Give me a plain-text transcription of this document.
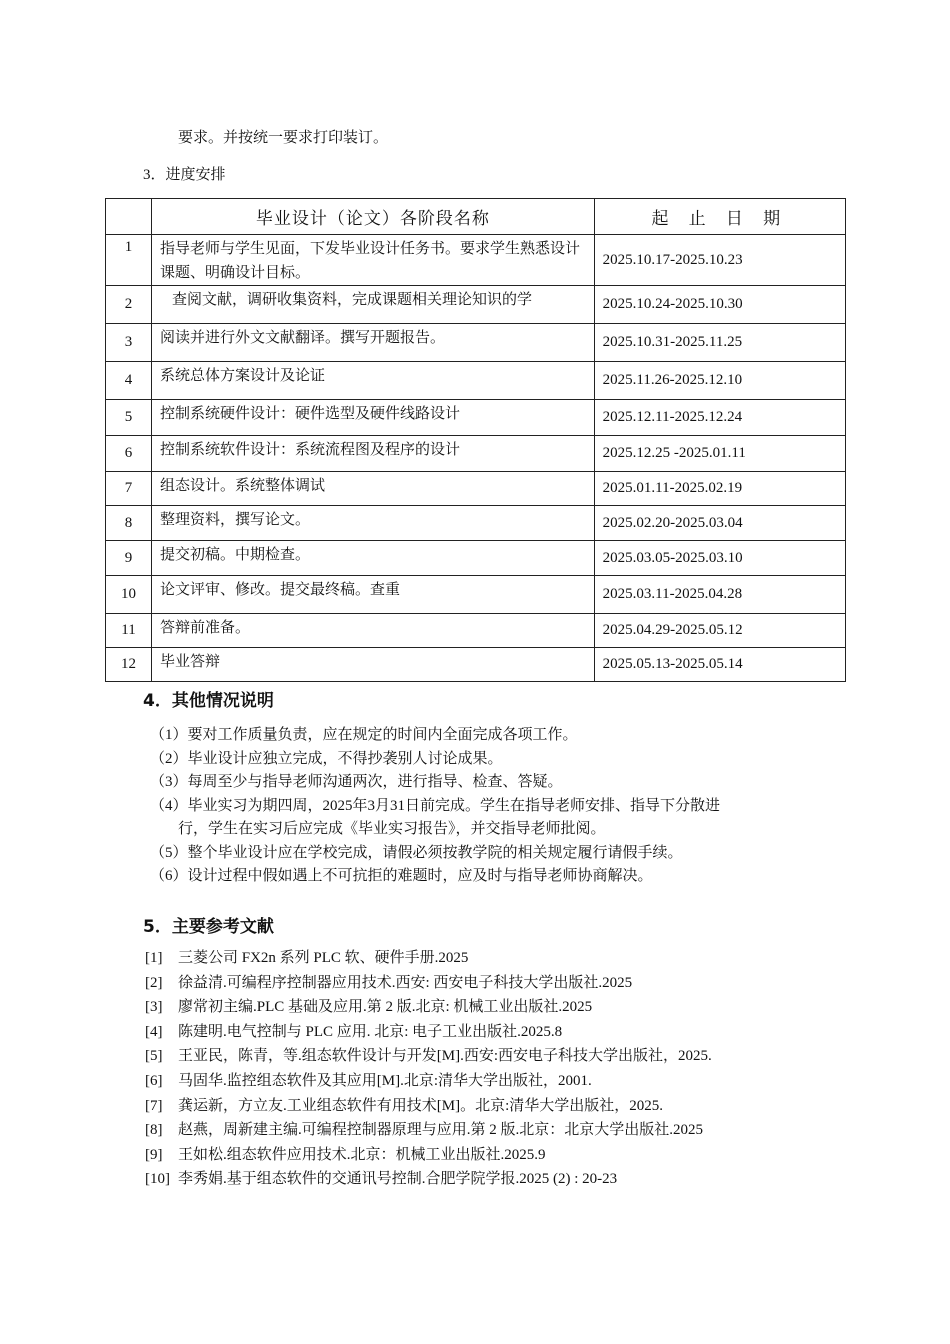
要求。并按统一要求打印装订。
3．进度安排
	毕业设计（论文）各阶段名称	起 止 日 期
1	指导老师与学生见面，下发毕业设计任务书。要求学生熟悉设计课题、明确设计目标。	2025.10.17-2025.10.23
2	查阅文献，调研收集资料，完成课题相关理论知识的学	2025.10.24-2025.10.30
3	阅读并进行外文文献翻译。撰写开题报告。	2025.10.31-2025.11.25
4	系统总体方案设计及论证	2025.11.26-2025.12.10
5	控制系统硬件设计：硬件选型及硬件线路设计	2025.12.11-2025.12.24
6	控制系统软件设计：系统流程图及程序的设计	2025.12.25 -2025.01.11
7	组态设计。系统整体调试	2025.01.11-2025.02.19
8	整理资料，撰写论文。	2025.02.20-2025.03.04
9	提交初稿。中期检查。	2025.03.05-2025.03.10
10	论文评审、修改。提交最终稿。查重	2025.03.11-2025.04.28
11	答辩前准备。	2025.04.29-2025.05.12
12	毕业答辩	2025.05.13-2025.05.14
4．其他情况说明

（1）要对工作质量负责，应在规定的时间内全面完成各项工作。

（2）毕业设计应独立完成，不得抄袭别人讨论成果。

（3）每周至少与指导老师沟通两次，进行指导、检查、答疑。

（4）毕业实习为期四周，2025年3月31日前完成。学生在指导老师安排、指导下分散进

行，学生在实习后应完成《毕业实习报告》，并交指导老师批阅。

（5）整个毕业设计应在学校完成，请假必须按教学院的相关规定履行请假手续。

（6）设计过程中假如遇上不可抗拒的难题时，应及时与指导老师协商解决。

5．主要参考文献
[1] 三菱公司 FX2n 系列 PLC 软、硬件手册.2025
[2] 徐益清.可编程序控制器应用技术.西安: 西安电子科技大学出版社.2025
[3] 廖常初主编.PLC 基础及应用.第 2 版.北京: 机械工业出版社.2025
[4] 陈建明.电气控制与 PLC 应用. 北京: 电子工业出版社.2025.8
[5] 王亚民，陈青，等.组态软件设计与开发[M].西安:西安电子科技大学出版社，2025.
[6] 马固华.监控组态软件及其应用[M].北京:清华大学出版社，2001.
[7] 龚运新，方立友.工业组态软件有用技术[M]。北京:清华大学出版社，2025.
[8] 赵燕，周新建主编.可编程控制器原理与应用.第 2 版.北京：北京大学出版社.2025
[9] 王如松.组态软件应用技术.北京：机械工业出版社.2025.9
[10] 李秀娟.基于组态软件的交通讯号控制.合肥学院学报.2025 (2) : 20-23
